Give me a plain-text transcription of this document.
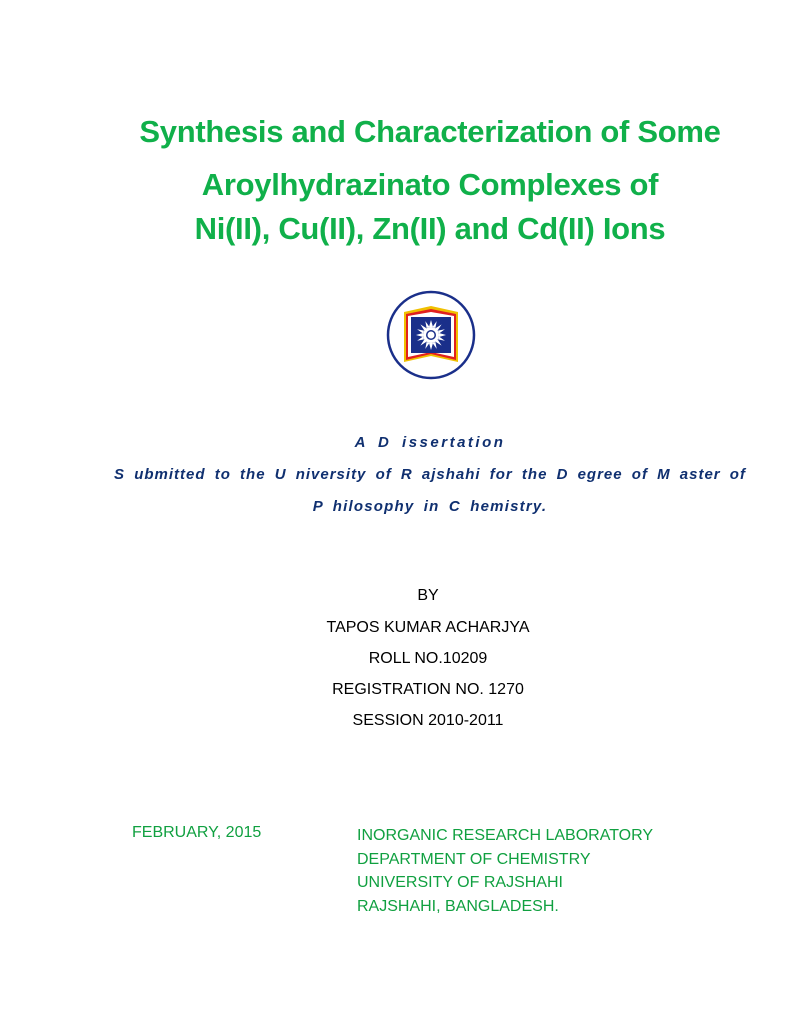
Synthesis and Characterization of Some
Aroylhydrazinato Complexes of
Ni(II), Cu(II), Zn(II) and Cd(II) Ions
A D issertation
S ubmitted to the U niversity of R ajshahi for the D egree of M aster of
P hilosophy in C hemistry.
BY
TAPOS KUMAR ACHARJYA
ROLL NO.10209
REGISTRATION NO. 1270
SESSION 2010-2011
FEBRUARY, 2015	INORGANIC RESEARCH LABORATORY
DEPARTMENT OF CHEMISTRY
UNIVERSITY OF RAJSHAHI
RAJSHAHI, BANGLADESH.
